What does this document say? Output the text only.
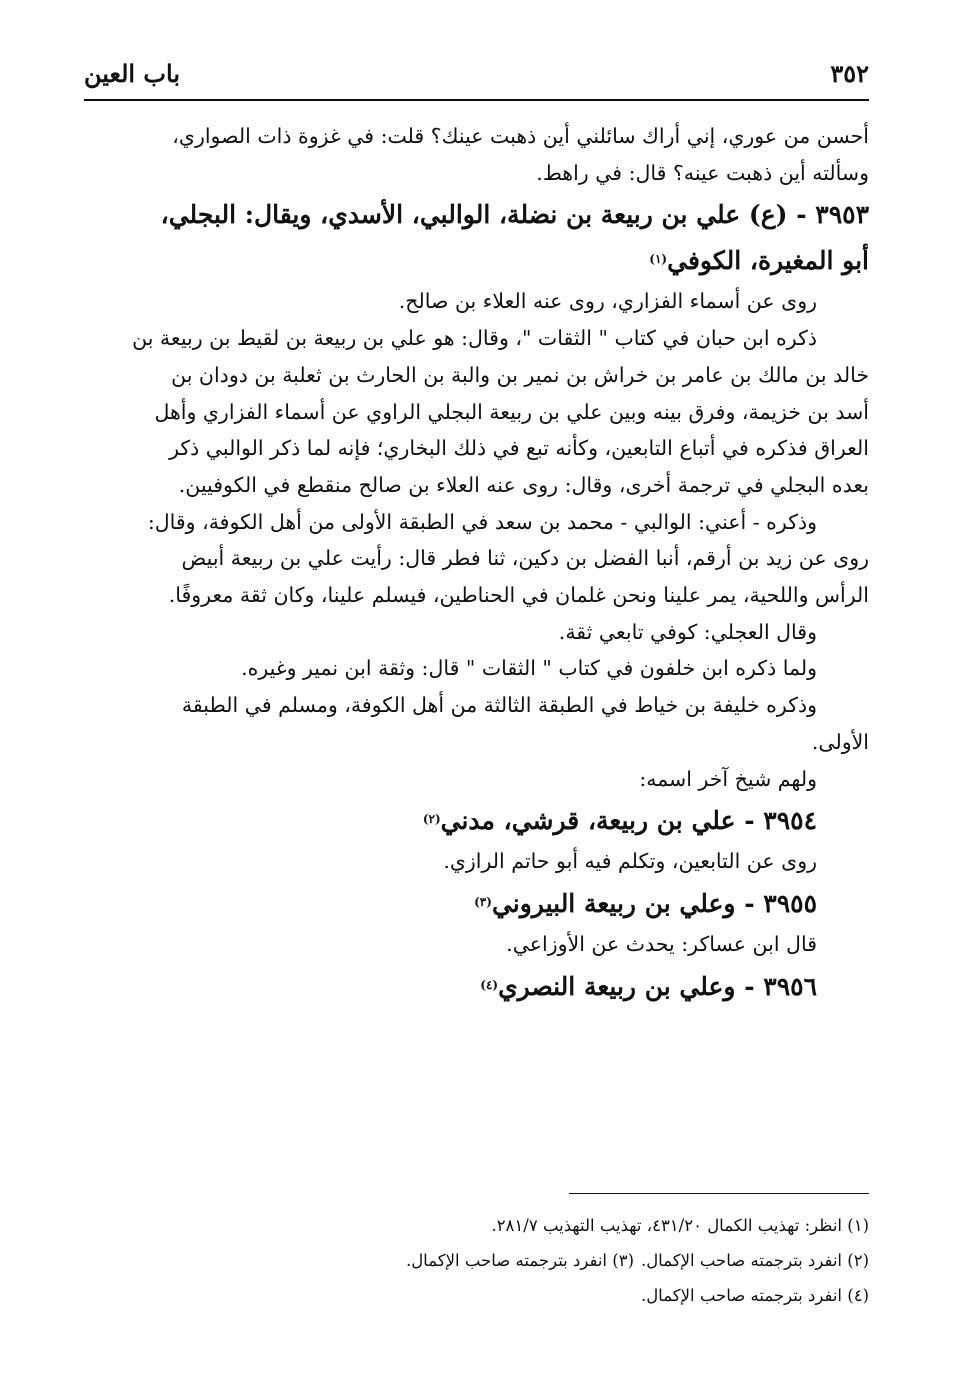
٣٥٢
باب العين

أحسن من عوري، إني أراك سائلني أين ذهبت عينك؟ قلت: في غزوة ذات الصواري،

وسألته أين ذهبت عينه؟ قال: في راهط.

٣٩٥٣ - (ع) علي بن ربيعة بن نضلة، الوالبي، الأسدي، ويقال: البجلي،

أبو المغيرة، الكوفي$^{(١)}$

روى عن أسماء الفزاري، روى عنه العلاء بن صالح.

ذكره ابن حبان في كتاب " الثقات "، وقال: هو علي بن ربيعة بن لقيط بن ربيعة بن

خالد بن مالك بن عامر بن خراش بن نمير بن والبة بن الحارث بن ثعلبة بن دودان بن

أسد بن خزيمة، وفرق بينه وبين علي بن ربيعة البجلي الراوي عن أسماء الفزاري وأهل

العراق فذكره في أتباع التابعين، وكأنه تبع في ذلك البخاري؛ فإنه لما ذكر الوالبي ذكر

بعده البجلي في ترجمة أخرى، وقال: روى عنه العلاء بن صالح منقطع في الكوفيين.

وذكره - أعني: الوالبي - محمد بن سعد في الطبقة الأولى من أهل الكوفة، وقال:

روى عن زيد بن أرقم، أنبا الفضل بن دكين، ثنا فطر قال: رأيت علي بن ربيعة أبيض

الرأس واللحية، يمر علينا ونحن غلمان في الحناطين، فيسلم علينا، وكان ثقة معروفًا.

وقال العجلي: كوفي تابعي ثقة.

ولما ذكره ابن خلفون في كتاب " الثقات " قال: وثقة ابن نمير وغيره.

وذكره خليفة بن خياط في الطبقة الثالثة من أهل الكوفة، ومسلم في الطبقة

الأولى.

ولهم شيخ آخر اسمه:

٣٩٥٤ - علي بن ربيعة، قرشي، مدني$^{(٢)}$

روى عن التابعين، وتكلم فيه أبو حاتم الرازي.

٣٩٥٥ - وعلي بن ربيعة البيروني$^{(٣)}$

قال ابن عساكر: يحدث عن الأوزاعي.

٣٩٥٦ - وعلي بن ربيعة النصري$^{(٤)}$

(١) انظر: تهذيب الكمال ٤٣١/٢٠، تهذيب التهذيب ٢٨١/٧.

(٢) انفرد بترجمته صاحب الإكمال.
(٣) انفرد بترجمته صاحب الإكمال.

(٤) انفرد بترجمته صاحب الإكمال.
